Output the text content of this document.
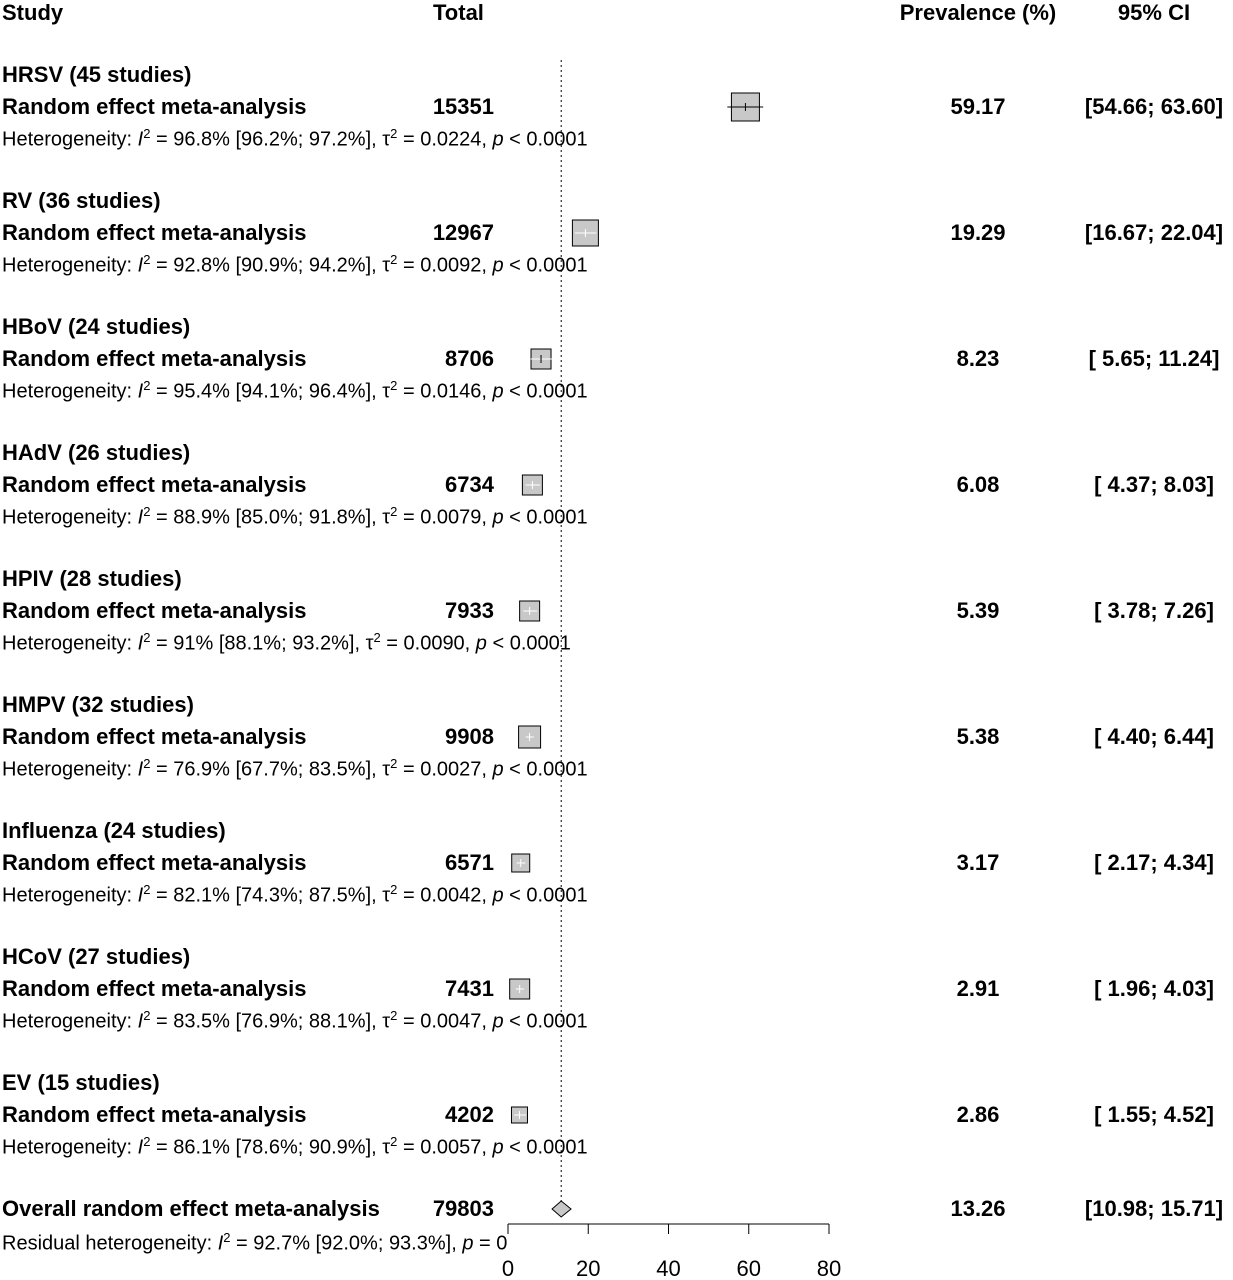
Study	Total	Prevalence (%)	95% CI
HRSV (45 studies)
Random effect meta-analysis	15351	59.17	[54.66; 63.60]
Heterogeneity: $I^2 = 96.8\%$ [96.2%; 97.2%], $\tau^2 = 0.0224$, p < 0.0001
RV (36 studies)
Random effect meta-analysis	12967	19.29	[16.67; 22.04]
Heterogeneity: $I^2 = 92.8\%$ [90.9%; 94.2%], $\tau^2 = 0.0092$, p < 0.0001
HBoV (24 studies)
Random effect meta-analysis	8706	8.23	[ 5.65; 11.24]
Heterogeneity: $I^2 = 95.4\%$ [94.1%; 96.4%], $\tau^2 = 0.0146$, p < 0.0001
HAdV (26 studies)
Random effect meta-analysis	6734	6.08	[ 4.37; 8.03]
Heterogeneity: $I^2 = 88.9\%$ [85.0%; 91.8%], $\tau^2 = 0.0079$, p < 0.0001
HPIV (28 studies)
Random effect meta-analysis	7933	5.39	[ 3.78; 7.26]
Heterogeneity: $I^2 = 91\%$ [88.1%; 93.2%], $\tau^2 = 0.0090$, p < 0.0001
HMPV (32 studies)
Random effect meta-analysis	9908	5.38	[ 4.40; 6.44]
Heterogeneity: $I^2 = 76.9\%$ [67.7%; 83.5%], $\tau^2 = 0.0027$, p < 0.0001
Influenza (24 studies)
Random effect meta-analysis	6571	3.17	[ 2.17; 4.34]
Heterogeneity: $I^2 = 82.1\%$ [74.3%; 87.5%], $\tau^2 = 0.0042$, p < 0.0001
HCoV (27 studies)
Random effect meta-analysis	7431	2.91	[ 1.96; 4.03]
Heterogeneity: $I^2 = 83.5\%$ [76.9%; 88.1%], $\tau^2 = 0.0047$, p < 0.0001
EV (15 studies)
Random effect meta-analysis	4202	2.86	[ 1.55; 4.52]
Heterogeneity: $I^2 = 86.1\%$ [78.6%; 90.9%], $\tau^2 = 0.0057$, p < 0.0001
Overall random effect meta-analysis 79803	13.26	[10.98; 15.71]
Residual heterogeneity: $I^2 = 92.7\%$ [92.0%; 93.3%], p = 0
0	20	40	60	80
